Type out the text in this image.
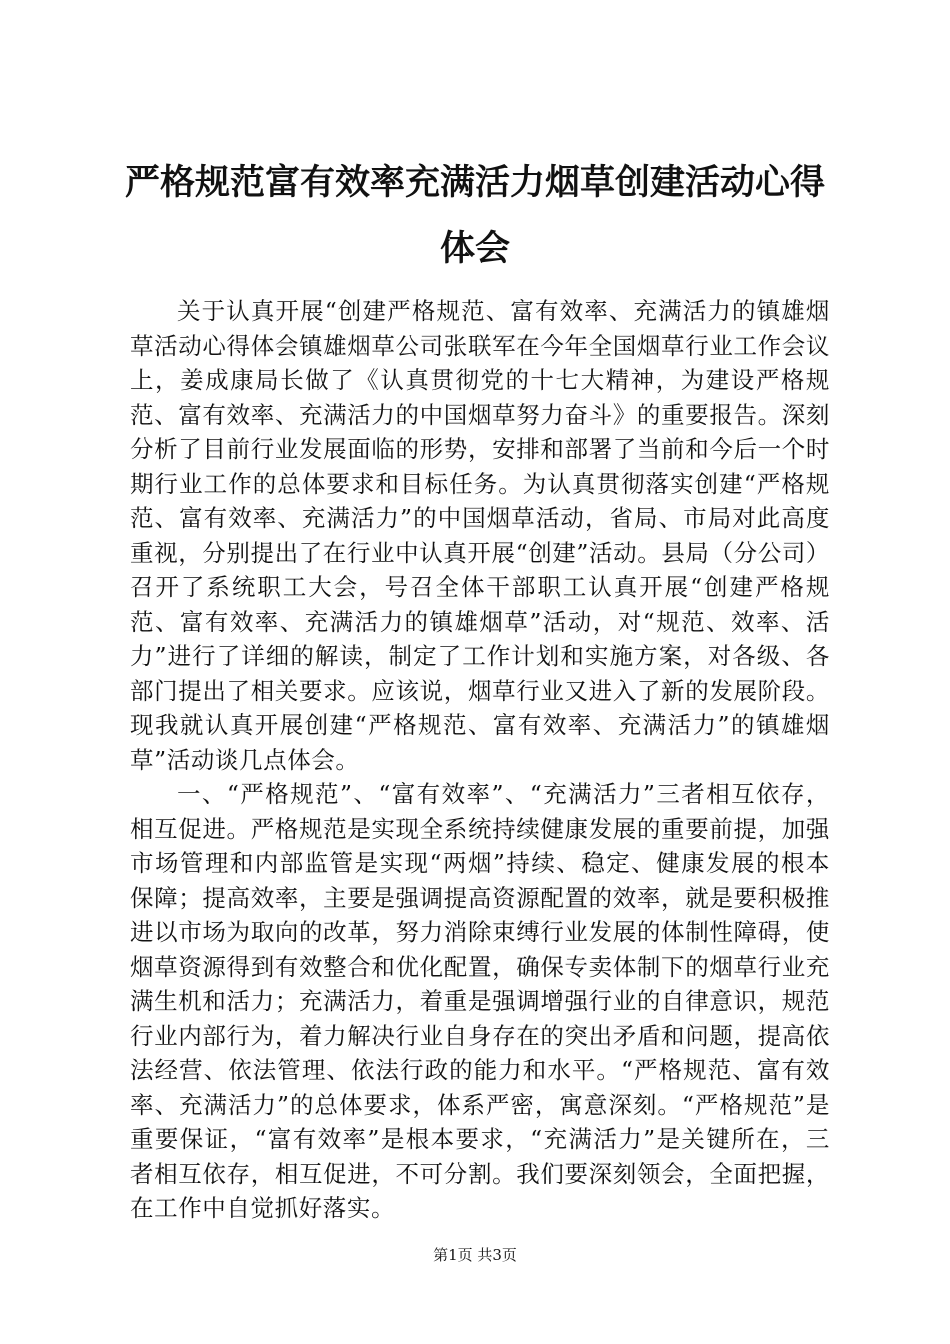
严格规范富有效率充满活力烟草创建活动心得体会

关于认真开展“创建严格规范、富有效率、充满活力的镇雄烟草活动心得体会镇雄烟草公司张联军在今年全国烟草行业工作会议上，姜成康局长做了《认真贯彻党的十七大精神，为建设严格规范、富有效率、充满活力的中国烟草努力奋斗》的重要报告。深刻分析了目前行业发展面临的形势，安排和部署了当前和今后一个时期行业工作的总体要求和目标任务。为认真贯彻落实创建“严格规范、富有效率、充满活力”的中国烟草活动，省局、市局对此高度重视，分别提出了在行业中认真开展“创建”活动。县局（分公司）召开了系统职工大会，号召全体干部职工认真开展“创建严格规范、富有效率、充满活力的镇雄烟草”活动，对“规范、效率、活力”进行了详细的解读，制定了工作计划和实施方案，对各级、各部门提出了相关要求。应该说，烟草行业又进入了新的发展阶段。现我就认真开展创建“严格规范、富有效率、充满活力”的镇雄烟草”活动谈几点体会。

一、“严格规范”、“富有效率”、“充满活力”三者相互依存，相互促进。严格规范是实现全系统持续健康发展的重要前提，加强市场管理和内部监管是实现“两烟”持续、稳定、健康发展的根本保障；提高效率，主要是强调提高资源配置的效率，就是要积极推进以市场为取向的改革，努力消除束缚行业发展的体制性障碍，使烟草资源得到有效整合和优化配置，确保专卖体制下的烟草行业充满生机和活力；充满活力，着重是强调增强行业的自律意识，规范行业内部行为，着力解决行业自身存在的突出矛盾和问题，提高依法经营、依法管理、依法行政的能力和水平。“严格规范、富有效率、充满活力”的总体要求，体系严密，寓意深刻。“严格规范”是重要保证，“富有效率”是根本要求，“充满活力”是关键所在，三者相互依存，相互促进，不可分割。我们要深刻领会，全面把握，在工作中自觉抓好落实。

第1页 共3页
